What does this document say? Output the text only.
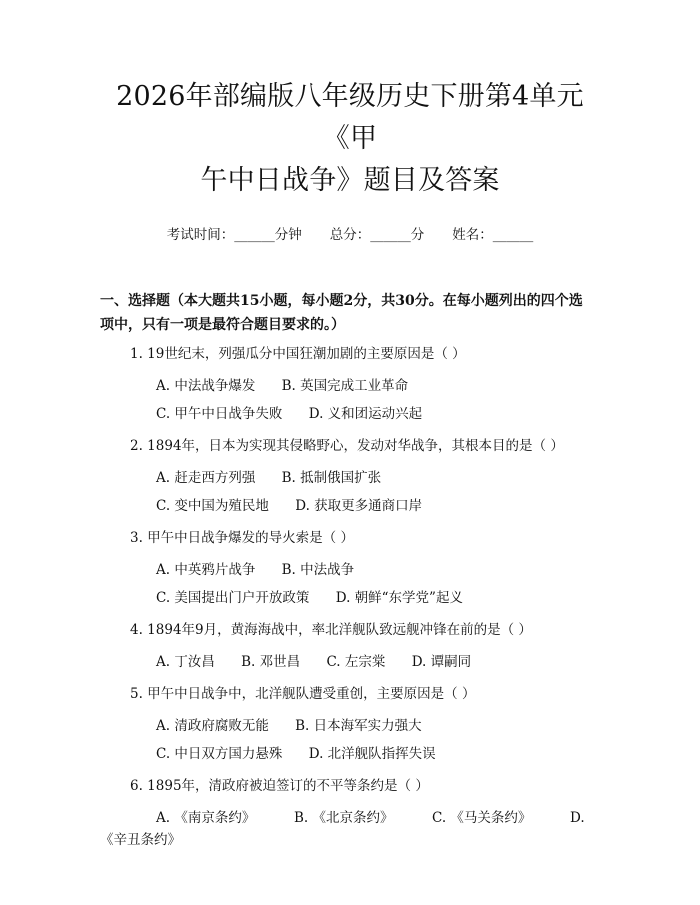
2026年部编版八年级历史下册第4单元《甲
午中日战争》题目及答案
考试时间：______分钟 总分：______分 姓名：______
一、选择题（本大题共15小题，每小题2分，共30分。在每小题列出的四个选
项中，只有一项是最符合题目要求的。）
1. 19世纪末，列强瓜分中国狂潮加剧的主要原因是（ ）
A. 中法战争爆发 B. 英国完成工业革命
C. 甲午中日战争失败 D. 义和团运动兴起
2. 1894年，日本为实现其侵略野心，发动对华战争，其根本目的是（ ）
A. 赶走西方列强 B. 抵制俄国扩张
C. 变中国为殖民地 D. 获取更多通商口岸
3. 甲午中日战争爆发的导火索是（ ）
A. 中英鸦片战争 B. 中法战争
C. 美国提出门户开放政策 D. 朝鲜“东学党”起义
4. 1894年9月，黄海海战中，率北洋舰队致远舰冲锋在前的是（ ）
A. 丁汝昌 B. 邓世昌 C. 左宗棠 D. 谭嗣同
5. 甲午中日战争中，北洋舰队遭受重创，主要原因是（ ）
A. 清政府腐败无能 B. 日本海军实力强大
C. 中日双方国力悬殊 D. 北洋舰队指挥失误
6. 1895年，清政府被迫签订的不平等条约是（ ）
A. 《南京条约》	B. 《北京条约》	C. 《马关条约》	D.
《辛丑条约》
